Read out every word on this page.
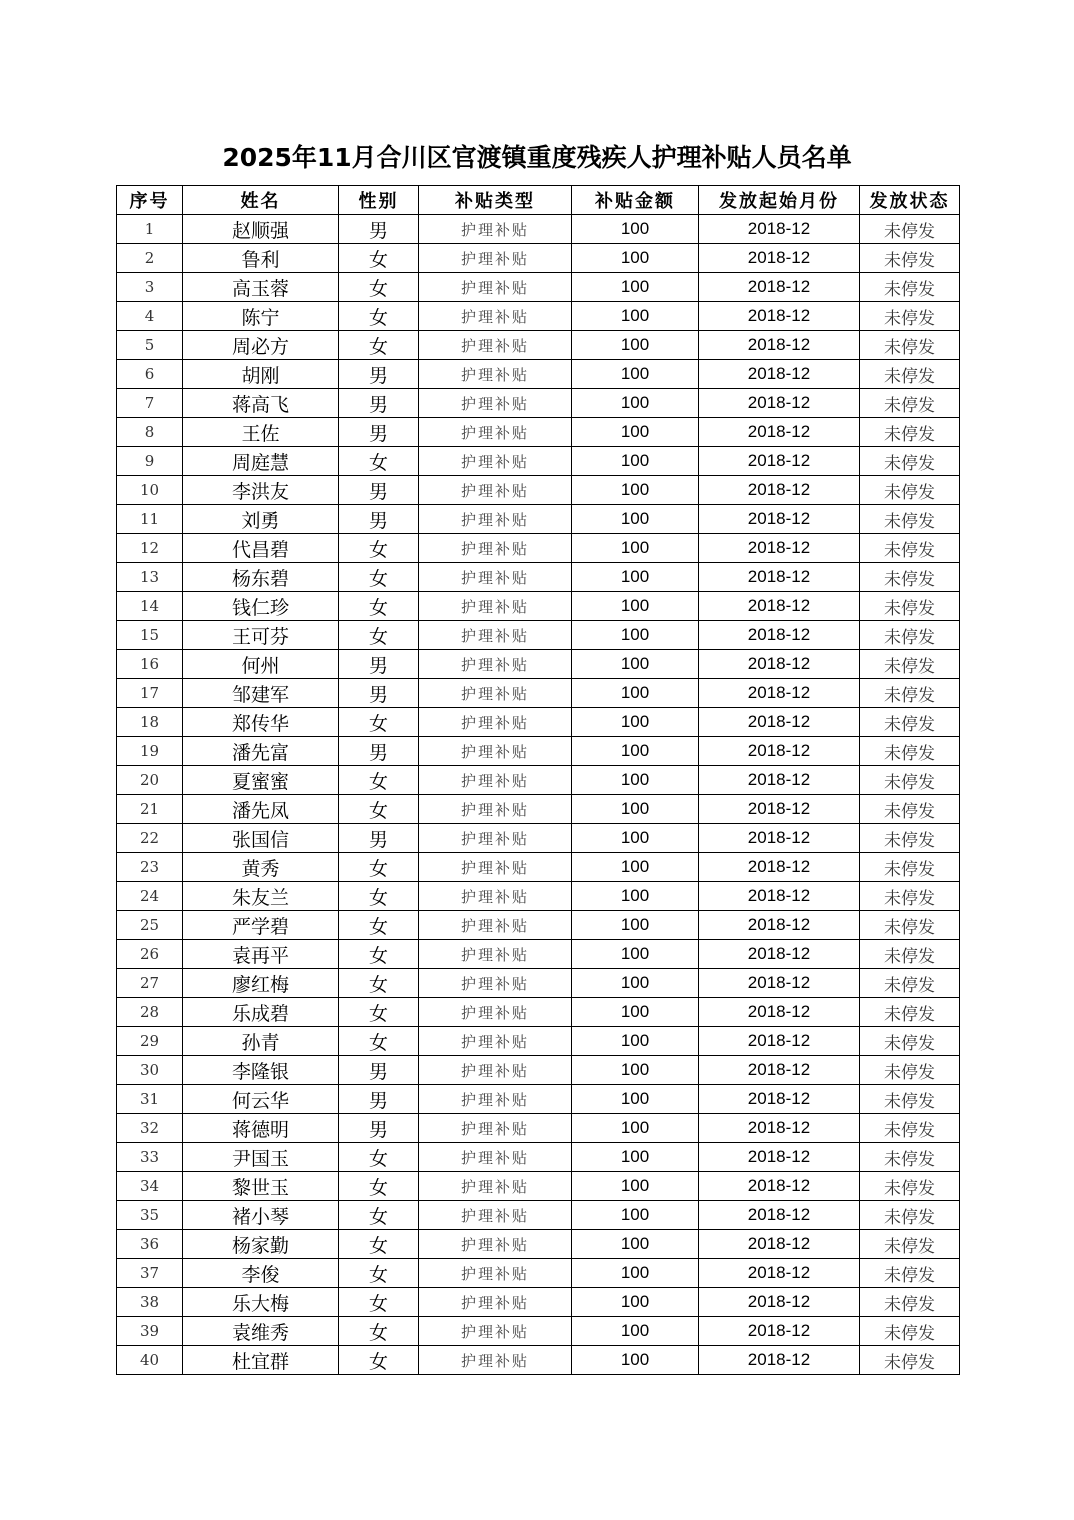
2025年11月合川区官渡镇重度残疾人护理补贴人员名单
序号	姓名	性别	补贴类型	补贴金额	发放起始月份	发放状态
1	赵顺强	男	护理补贴	100	2018-12	未停发
2	鲁利	女	护理补贴	100	2018-12	未停发
3	高玉蓉	女	护理补贴	100	2018-12	未停发
4	陈宁	女	护理补贴	100	2018-12	未停发
5	周必方	女	护理补贴	100	2018-12	未停发
6	胡刚	男	护理补贴	100	2018-12	未停发
7	蒋高飞	男	护理补贴	100	2018-12	未停发
8	王佐	男	护理补贴	100	2018-12	未停发
9	周庭慧	女	护理补贴	100	2018-12	未停发
10	李洪友	男	护理补贴	100	2018-12	未停发
11	刘勇	男	护理补贴	100	2018-12	未停发
12	代昌碧	女	护理补贴	100	2018-12	未停发
13	杨东碧	女	护理补贴	100	2018-12	未停发
14	钱仁珍	女	护理补贴	100	2018-12	未停发
15	王可芬	女	护理补贴	100	2018-12	未停发
16	何州	男	护理补贴	100	2018-12	未停发
17	邹建军	男	护理补贴	100	2018-12	未停发
18	郑传华	女	护理补贴	100	2018-12	未停发
19	潘先富	男	护理补贴	100	2018-12	未停发
20	夏蜜蜜	女	护理补贴	100	2018-12	未停发
21	潘先凤	女	护理补贴	100	2018-12	未停发
22	张国信	男	护理补贴	100	2018-12	未停发
23	黄秀	女	护理补贴	100	2018-12	未停发
24	朱友兰	女	护理补贴	100	2018-12	未停发
25	严学碧	女	护理补贴	100	2018-12	未停发
26	袁再平	女	护理补贴	100	2018-12	未停发
27	廖红梅	女	护理补贴	100	2018-12	未停发
28	乐成碧	女	护理补贴	100	2018-12	未停发
29	孙青	女	护理补贴	100	2018-12	未停发
30	李隆银	男	护理补贴	100	2018-12	未停发
31	何云华	男	护理补贴	100	2018-12	未停发
32	蒋德明	男	护理补贴	100	2018-12	未停发
33	尹国玉	女	护理补贴	100	2018-12	未停发
34	黎世玉	女	护理补贴	100	2018-12	未停发
35	褚小琴	女	护理补贴	100	2018-12	未停发
36	杨家勤	女	护理补贴	100	2018-12	未停发
37	李俊	女	护理补贴	100	2018-12	未停发
38	乐大梅	女	护理补贴	100	2018-12	未停发
39	袁维秀	女	护理补贴	100	2018-12	未停发
40	杜宜群	女	护理补贴	100	2018-12	未停发
